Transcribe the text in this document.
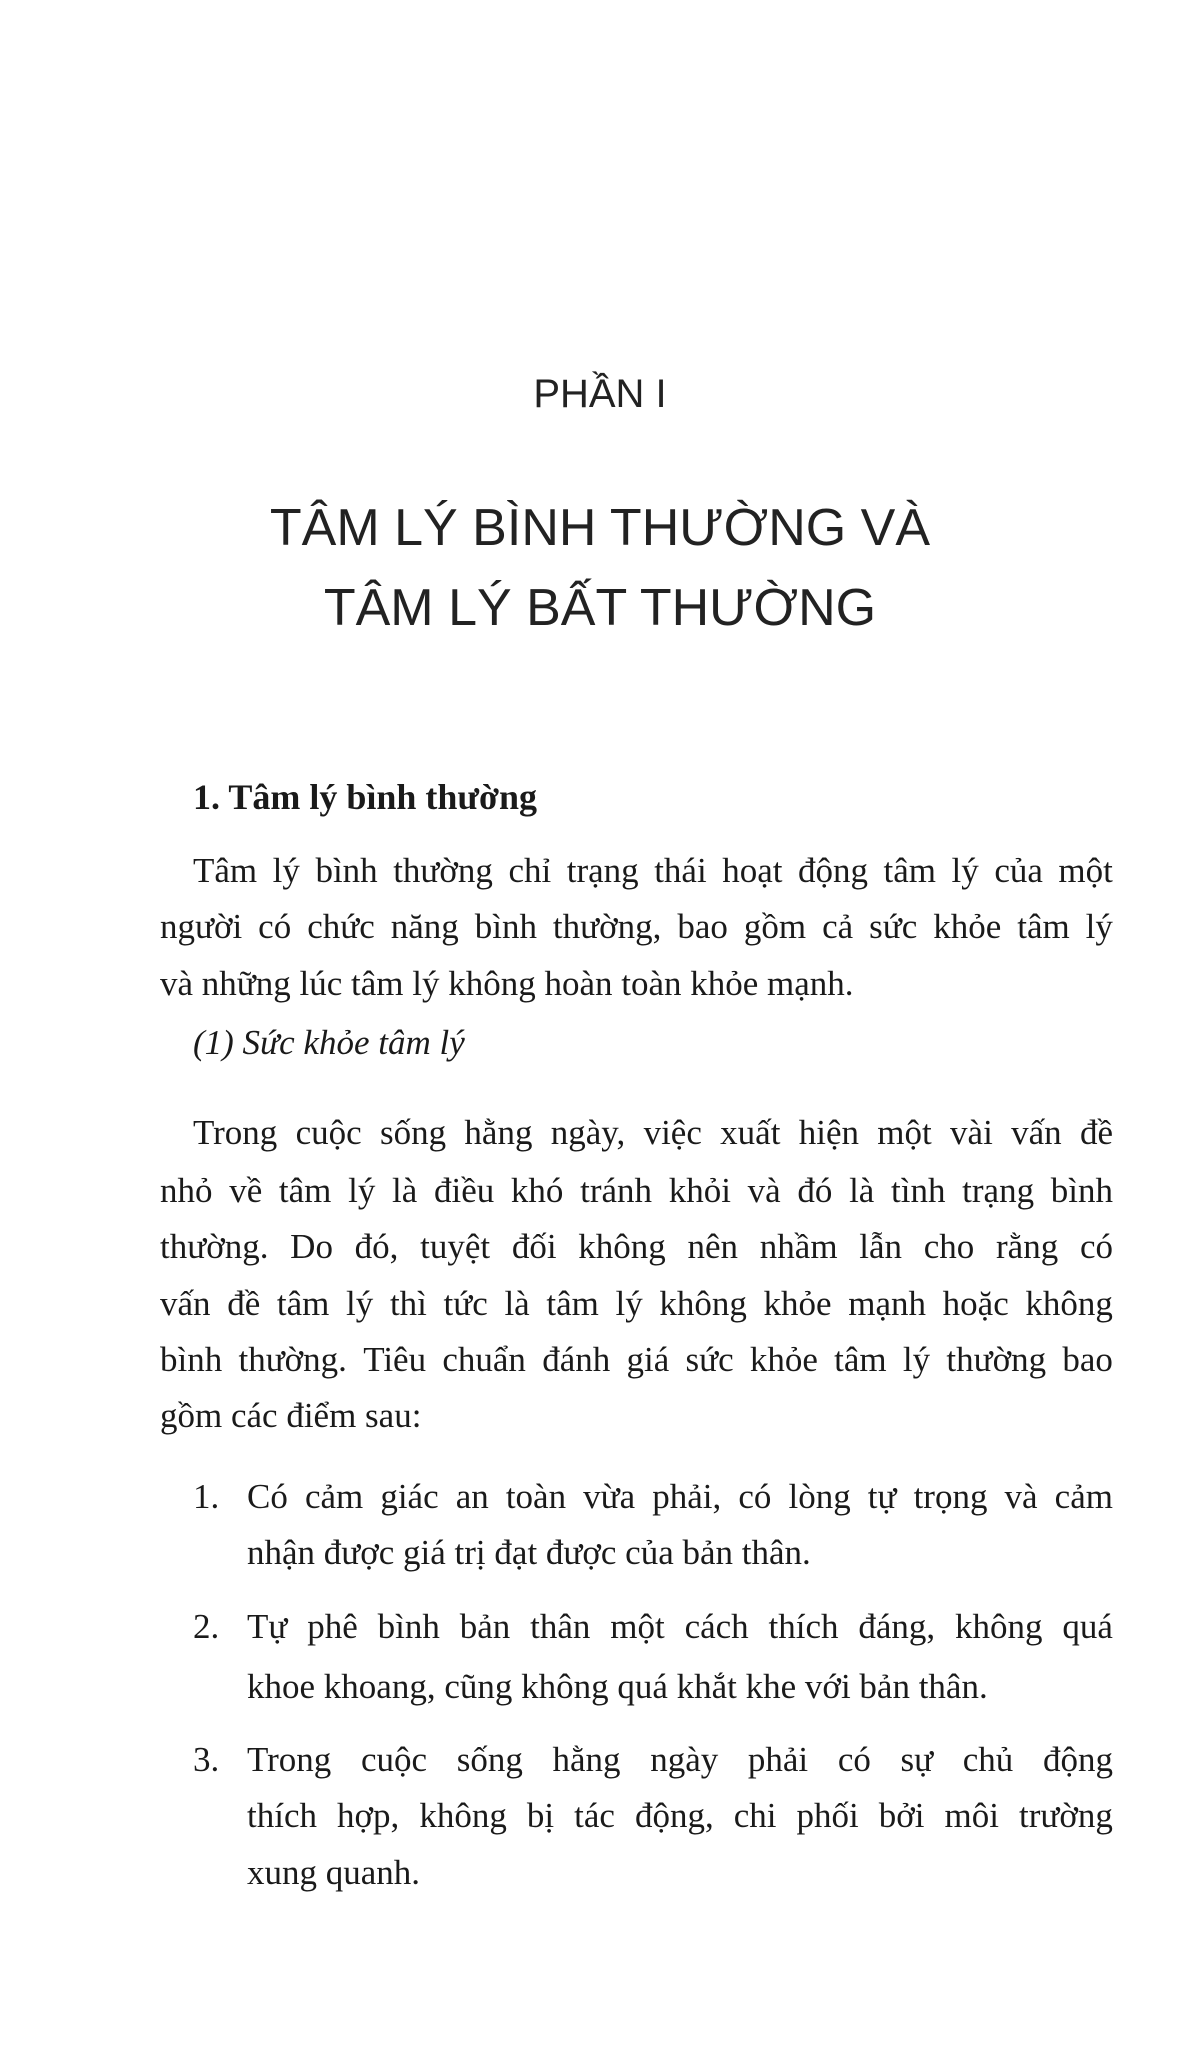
PHẦN I
TÂM LÝ BÌNH THƯỜNG VÀ
TÂM LÝ BẤT THƯỜNG
1. Tâm lý bình thường
Tâm lý bình thường chỉ trạng thái hoạt động tâm lý của một
người có chức năng bình thường, bao gồm cả sức khỏe tâm lý
và những lúc tâm lý không hoàn toàn khỏe mạnh.
(1) Sức khỏe tâm lý
Trong cuộc sống hằng ngày, việc xuất hiện một vài vấn đề
nhỏ về tâm lý là điều khó tránh khỏi và đó là tình trạng bình
thường. Do đó, tuyệt đối không nên nhầm lẫn cho rằng có
vấn đề tâm lý thì tức là tâm lý không khỏe mạnh hoặc không
bình thường. Tiêu chuẩn đánh giá sức khỏe tâm lý thường bao
gồm các điểm sau:
1. Có cảm giác an toàn vừa phải, có lòng tự trọng và cảm
nhận được giá trị đạt được của bản thân.
2. Tự phê bình bản thân một cách thích đáng, không quá
khoe khoang, cũng không quá khắt khe với bản thân.
3. Trong cuộc sống hằng ngày phải có sự chủ động
thích hợp, không bị tác động, chi phối bởi môi trường
xung quanh.
